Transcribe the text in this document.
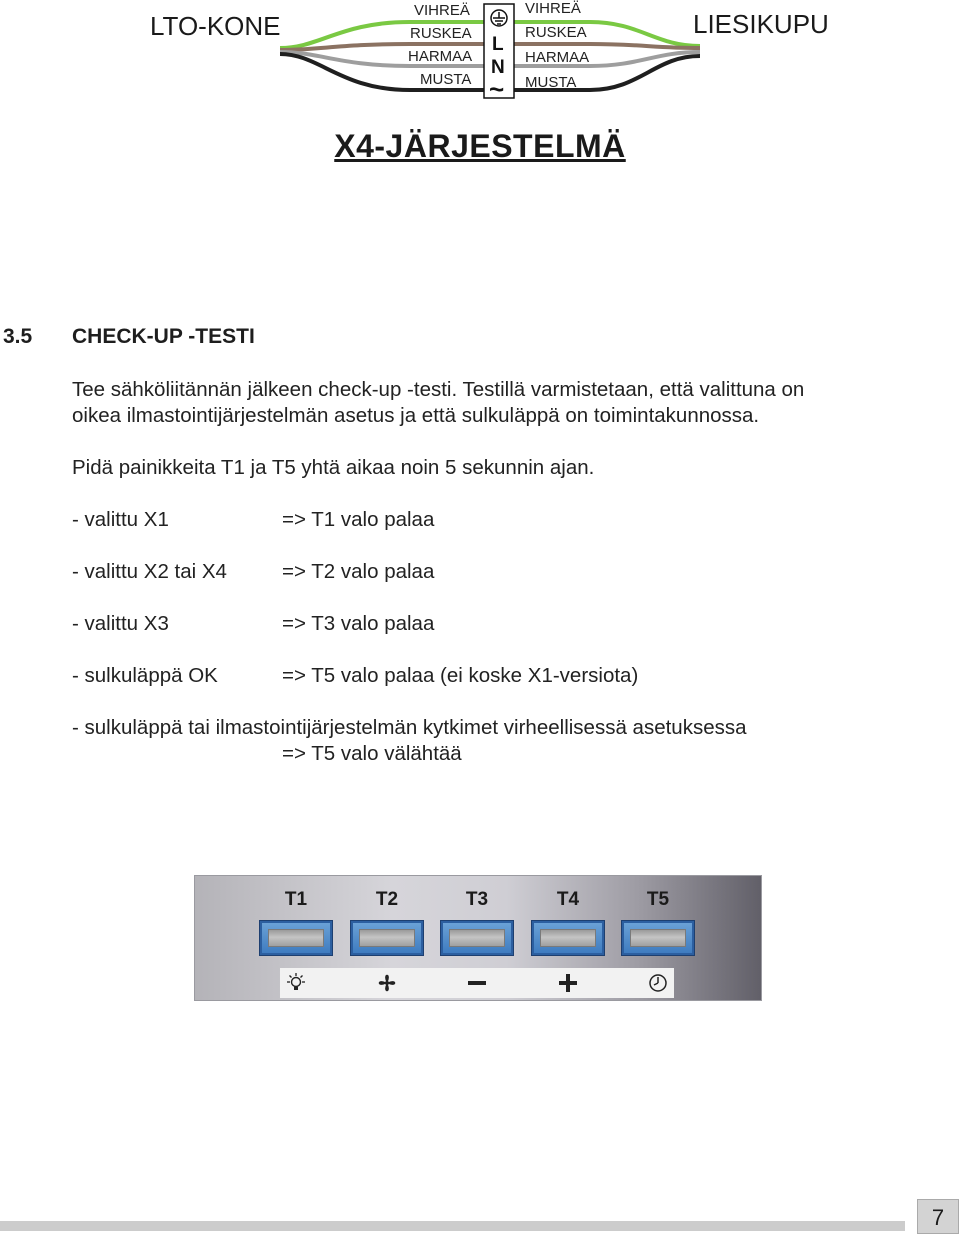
LTO-KONE	LIESIKUPU
VIHREÄ
RUSKEA
HARMAA
MUSTA
VIHREÄ
RUSKEA
HARMAA
MUSTA
L
N
~
X4-JÄRJESTELMÄ
3.5 CHECK-UP -TESTI
Tee sähköliitännän jälkeen check-up -testi. Testillä varmistetaan, että valittuna on
oikea ilmastointijärjestelmän asetus ja että sulkuläppä on toimintakunnossa.
Pidä painikkeita T1 ja T5 yhtä aikaa noin 5 sekunnin ajan.
- valittu X1	=> T1 valo palaa
- valittu X2 tai X4	=> T2 valo palaa
- valittu X3	=> T3 valo palaa
- sulkuläppä OK	=> T5 valo palaa (ei koske X1-versiota)
- sulkuläppä tai ilmastointijärjestelmän kytkimet virheellisessä asetuksessa
=> T5 valo välähtää
T1	T2	T3	T4	T5
7
